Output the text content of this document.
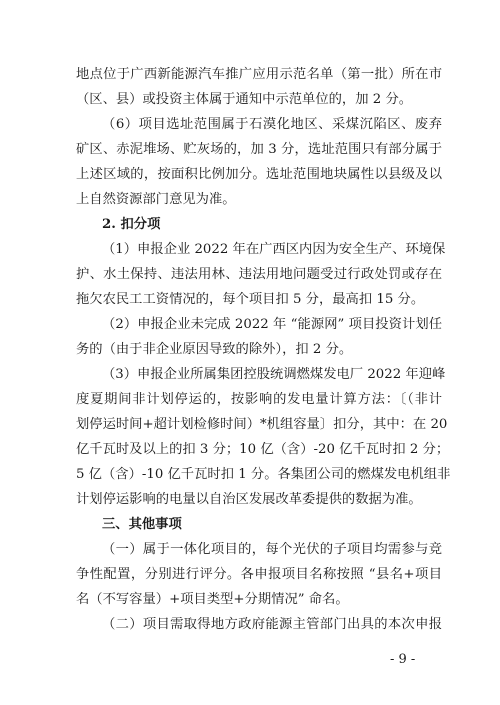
地点位于广西新能源汽车推广应用示范名单（第一批）所在市
（区、县）或投资主体属于通知中示范单位的，加 2 分。
（6）项目选址范围属于石漠化地区、采煤沉陷区、废弃
矿区、赤泥堆场、贮灰场的，加 3 分，选址范围只有部分属于
上述区域的，按面积比例加分。选址范围地块属性以县级及以
上自然资源部门意见为准。
2. 扣分项
（1）申报企业 2022 年在广西区内因为安全生产、环境保
护、水土保持、违法用林、违法用地问题受过行政处罚或存在
拖欠农民工工资情况的，每个项目扣 5 分，最高扣 15 分。
（2）申报企业未完成 2022 年 “能源网” 项目投资计划任
务的（由于非企业原因导致的除外），扣 2 分。
（3）申报企业所属集团控股统调燃煤发电厂 2022 年迎峰
度夏期间非计划停运的，按影响的发电量计算方法：〔（非计
划停运时间+超计划检修时间）*机组容量〕扣分，其中：在 20
亿千瓦时及以上的扣 3 分；10 亿（含）-20 亿千瓦时扣 2 分；
5 亿（含）-10 亿千瓦时扣 1 分。各集团公司的燃煤发电机组非
计划停运影响的电量以自治区发展改革委提供的数据为准。
三、其他事项
（一）属于一体化项目的，每个光伏的子项目均需参与竞
争性配置，分别进行评分。各申报项目名称按照 “县名+项目
名（不写容量）+项目类型+分期情况” 命名。
（二）项目需取得地方政府能源主管部门出具的本次申报
- 9 -
